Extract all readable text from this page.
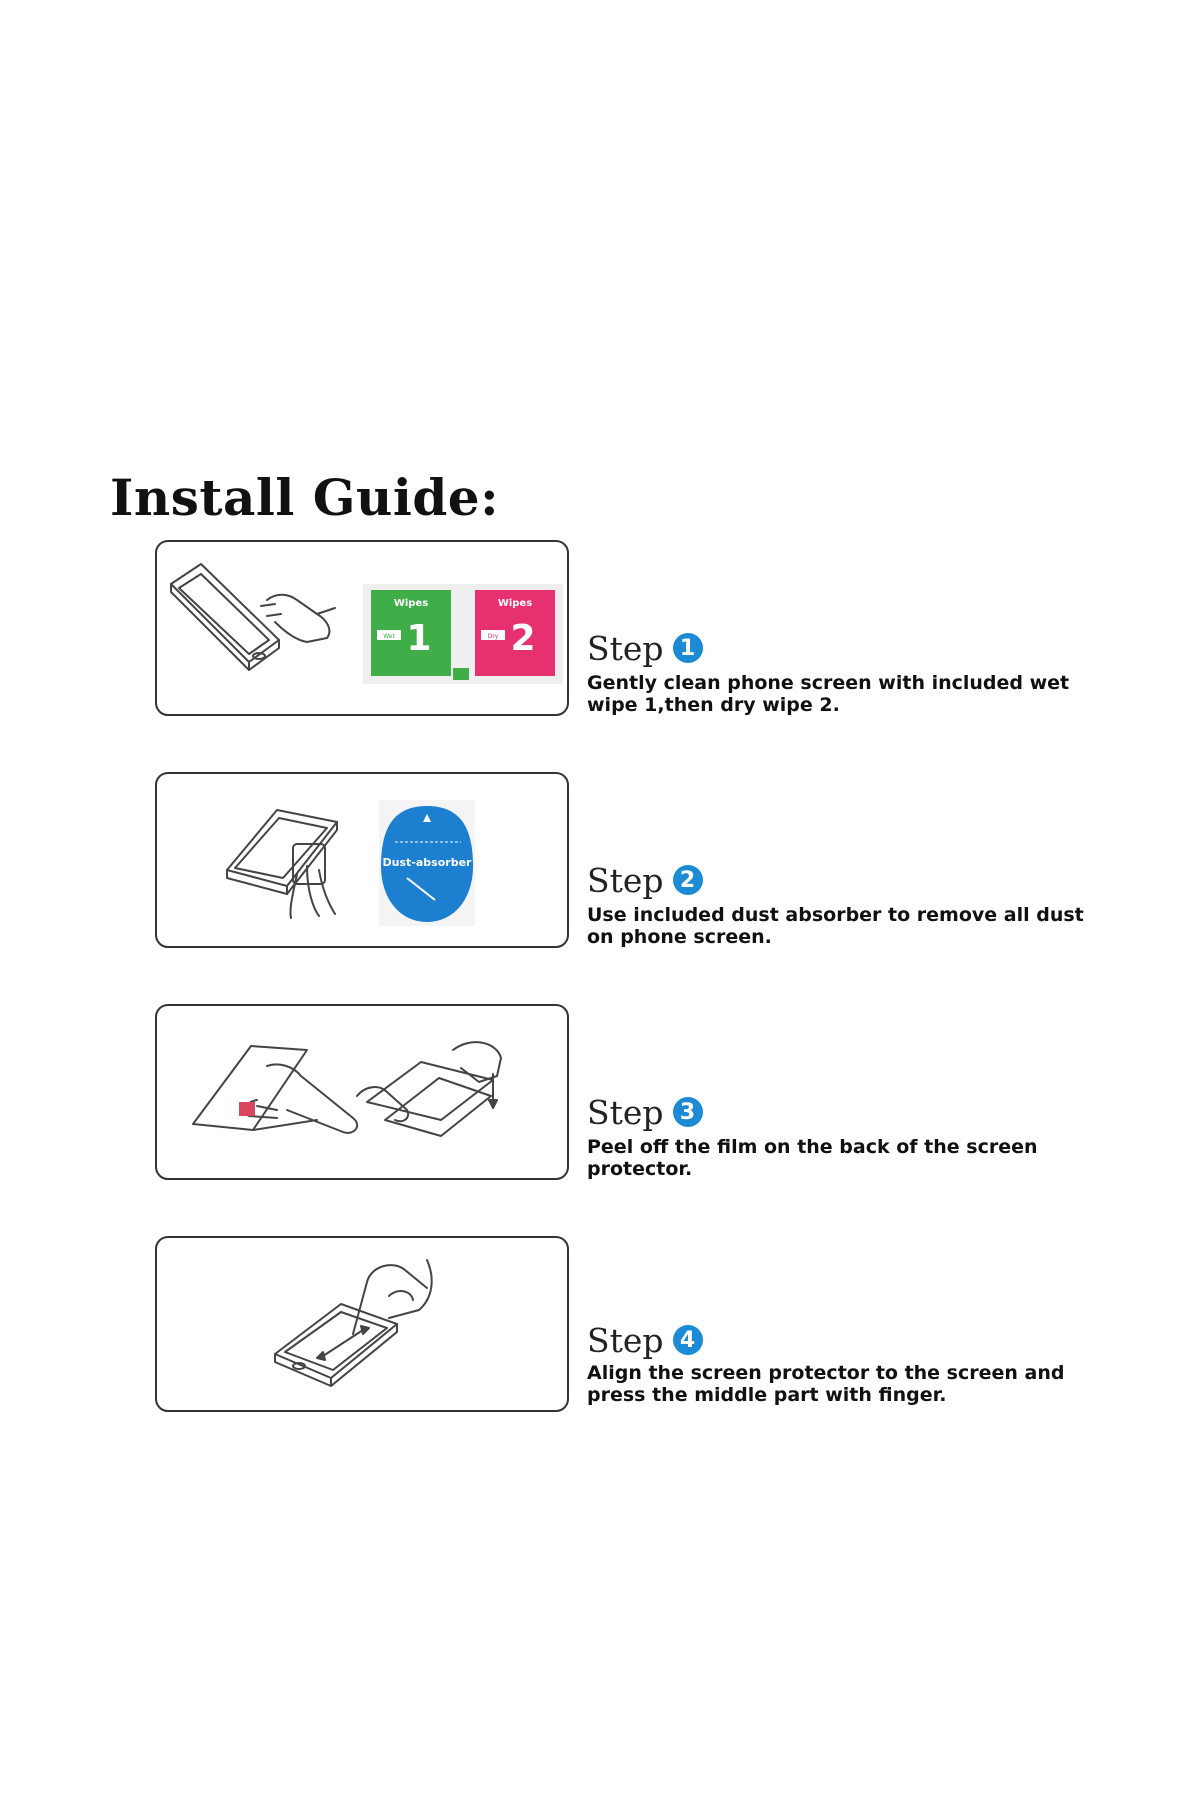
Install Guide:
Wipes
Wet 1
Wipes
Dry 2 Step 1
Gently clean phone screen with included wet wipe 1,then dry wipe 2.
Dust-absorber	Step 2
Use included dust absorber to remove all dust on phone screen.
Step 3
Peel off the film on the back of the screen protector.
Step 4
Align the screen protector to the screen and press the middle part with finger.
